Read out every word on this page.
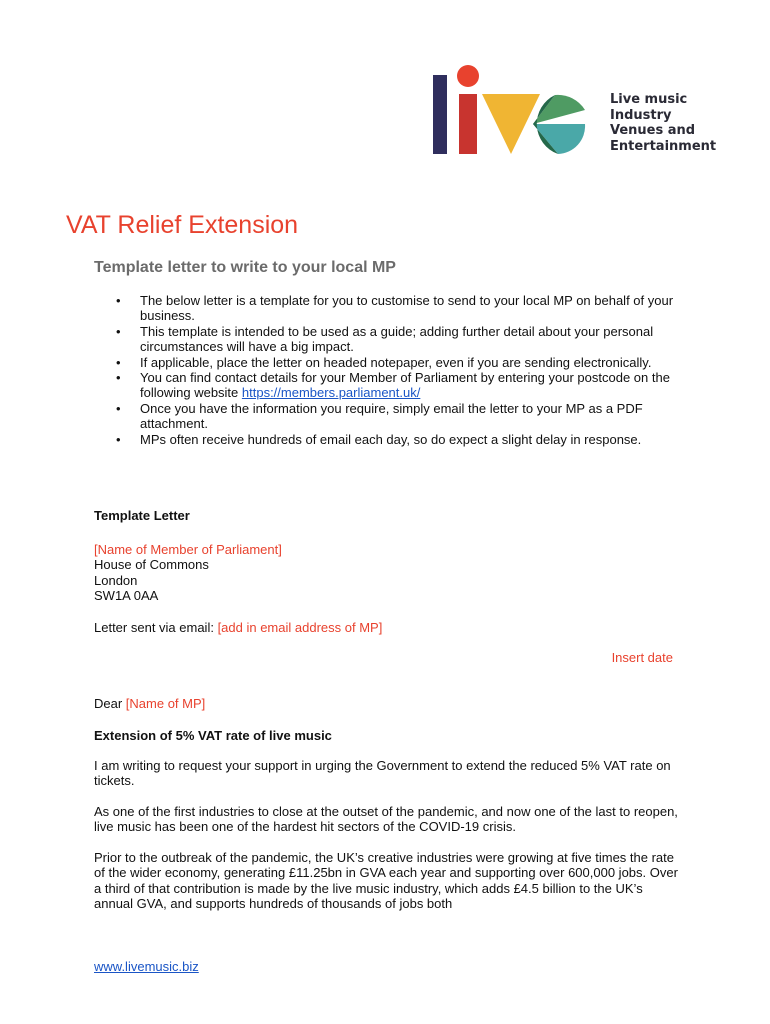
Live music
Industry
Venues and
Entertainment

VAT Relief Extension
Template letter to write to your local MP
• The below letter is a template for you to customise to send to your local MP on behalf of your business.
• This template is intended to be used as a guide; adding further detail about your personal circumstances will have a big impact.
• If applicable, place the letter on headed notepaper, even if you are sending electronically.
• You can find contact details for your Member of Parliament by entering your postcode on the following website https://members.parliament.uk/
• Once you have the information you require, simply email the letter to your MP as a PDF attachment.
• MPs often receive hundreds of email each day, so do expect a slight delay in response.

Template Letter

[Name of Member of Parliament]
House of Commons
London
SW1A 0AA

Letter sent via email: [add in email address of MP]

Insert date

Dear [Name of MP]

Extension of 5% VAT rate of live music

I am writing to request your support in urging the Government to extend the reduced 5% VAT rate on tickets.

As one of the first industries to close at the outset of the pandemic, and now one of the last to reopen, live music has been one of the hardest hit sectors of the COVID-19 crisis.

Prior to the outbreak of the pandemic, the UK’s creative industries were growing at five times the rate of the wider economy, generating £11.25bn in GVA each year and supporting over 600,000 jobs. Over a third of that contribution is made by the live music industry, which adds £4.5 billion to the UK’s annual GVA, and supports hundreds of thousands of jobs both

www.livemusic.biz
